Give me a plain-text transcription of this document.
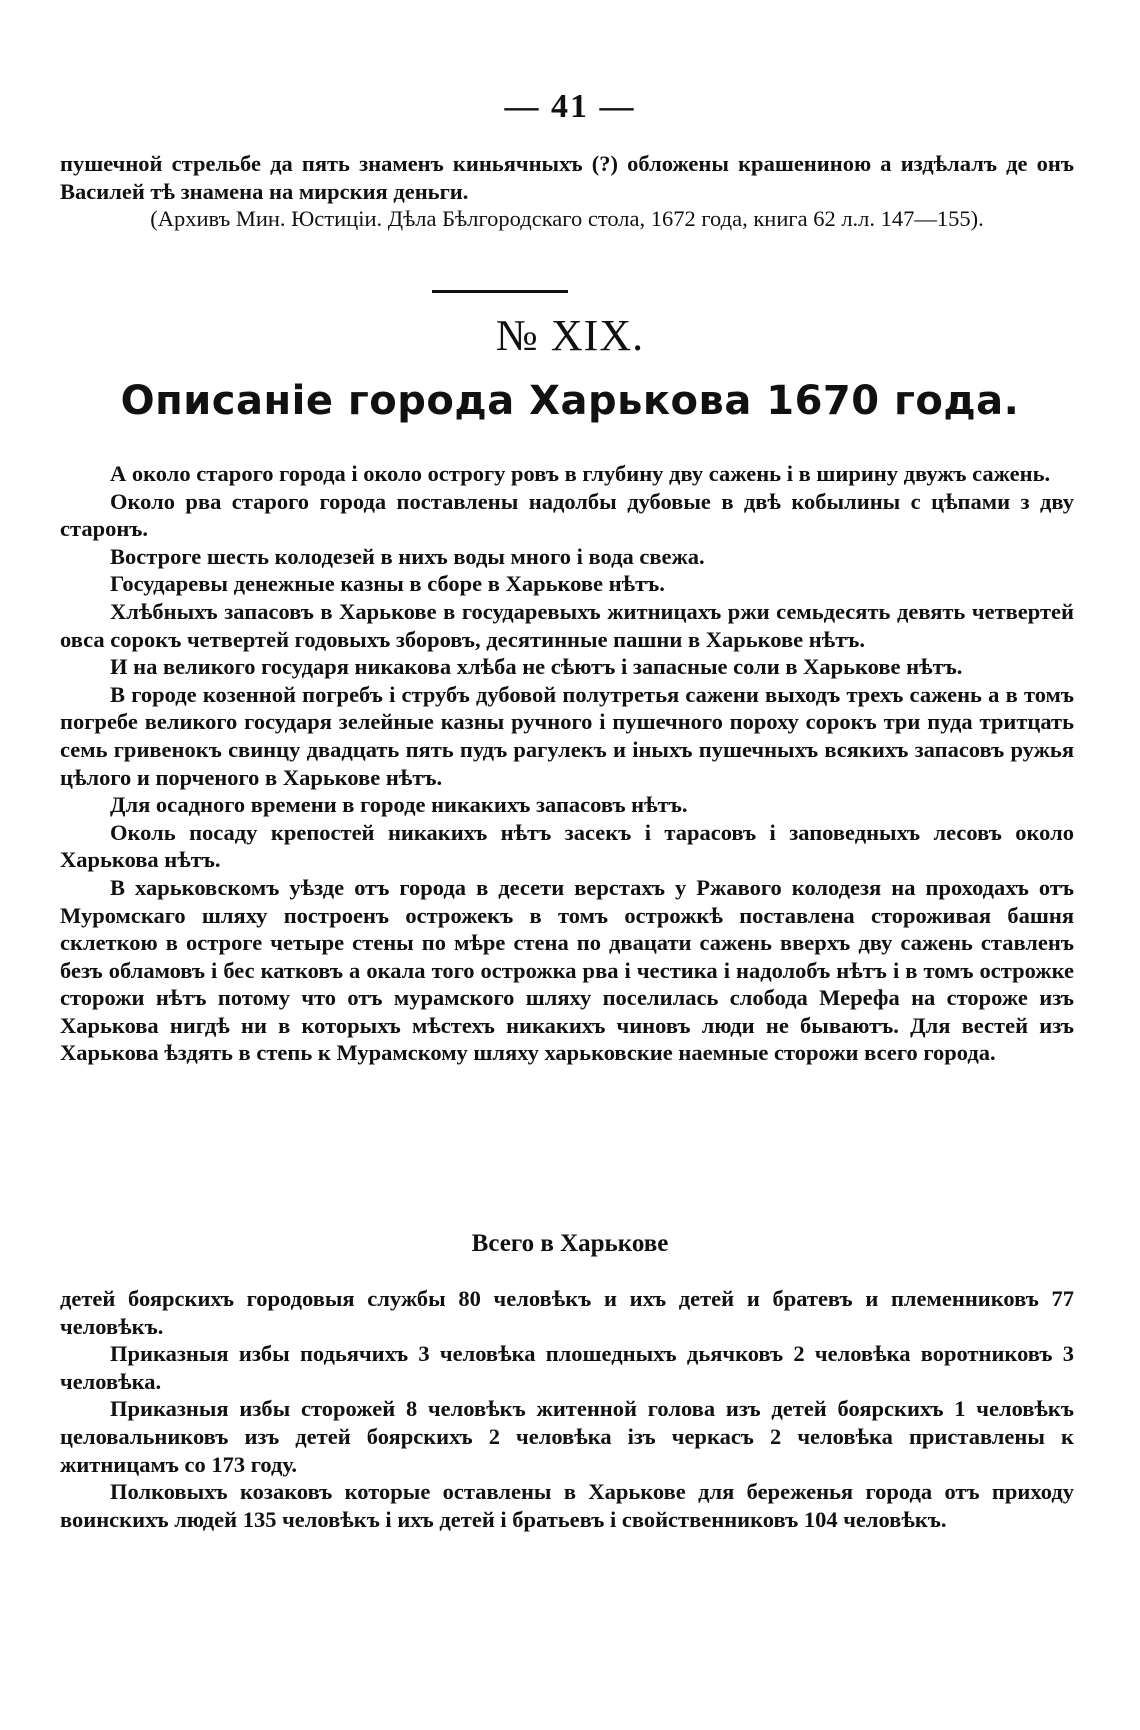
— 41 —

пушечной стрельбе да пять знаменъ киньячныхъ (?) обложены крашениною а издѣлалъ де онъ Василей тѣ знамена на мирския деньги.

(Архивъ Мин. Юстиціи. Дѣла Бѣлгородскаго стола, 1672 года, книга 62 л.л. 147—155).

№ XIX.
Описаніе города Харькова 1670 года.

А около старого города і около острогу ровъ в глубину дву сажень і в ширину двужъ сажень.

Около рва старого города поставлены надолбы дубовые в двѣ кобылины с цѣпами з дву старонъ.

Востроге шесть колодезей в нихъ воды много і вода свежа.

Государевы денежные казны в сборе в Харькове нѣтъ.

Хлѣбныхъ запасовъ в Харькове в государевыхъ житницахъ ржи семьдесять девять четвертей овса сорокъ четвертей годовыхъ зборовъ, десятинные пашни в Харькове нѣтъ.

И на великого государя никакова хлѣба не сѣютъ і запасные соли в Харькове нѣтъ.

В городе козенной погребъ і струбъ дубовой полутретья сажени выходъ трехъ сажень а в томъ погребе великого государя зелейные казны ручного і пушечного пороху сорокъ три пуда тритцать семь гривенокъ свинцу двадцать пять пудъ рагулекъ и іныхъ пушечныхъ всякихъ запасовъ ружья цѣлого и порченого в Харькове нѣтъ.

Для осадного времени в городе никакихъ запасовъ нѣтъ.

Околь посаду крепостей никакихъ нѣтъ засекъ і тарасовъ і заповедныхъ лесовъ около Харькова нѣтъ.

В харьковскомъ уѣзде отъ города в десети верстахъ у Ржавого колодезя на проходахъ отъ Муромскаго шляху построенъ острожекъ в томъ острожкѣ поставлена стороживая башня склеткою в остроге четыре стены по мѣре стена по двацати сажень вверхъ дву сажень ставленъ безъ обламовъ і бес катковъ а окала того острожка рва і честика і надолобъ нѣтъ і в томъ острожке сторожи нѣтъ потому что отъ мурамского шляху поселилась слобода Мерефа на стороже изъ Харькова нигдѣ ни в которыхъ мѣстехъ никакихъ чиновъ люди не бываютъ. Для вестей изъ Харькова ѣздять в степь к Мурамскому шляху харьковские наемные сторожи всего города.

Всего в Харькове

детей боярскихъ городовыя службы 80 человѣкъ и ихъ детей и братевъ и племенниковъ 77 человѣкъ.

Приказныя избы подьячихъ 3 человѣка плошедныхъ дьячковъ 2 человѣка воротниковъ 3 человѣка.

Приказныя избы сторожей 8 человѣкъ житенной голова изъ детей боярскихъ 1 человѣкъ целовальниковъ изъ детей боярскихъ 2 человѣка ізъ черкасъ 2 человѣка приставлены к житницамъ со 173 году.

Полковыхъ козаковъ которые оставлены в Харькове для береженья города отъ приходу воинскихъ людей 135 человѣкъ і ихъ детей і братьевъ і свойственниковъ 104 человѣкъ.
